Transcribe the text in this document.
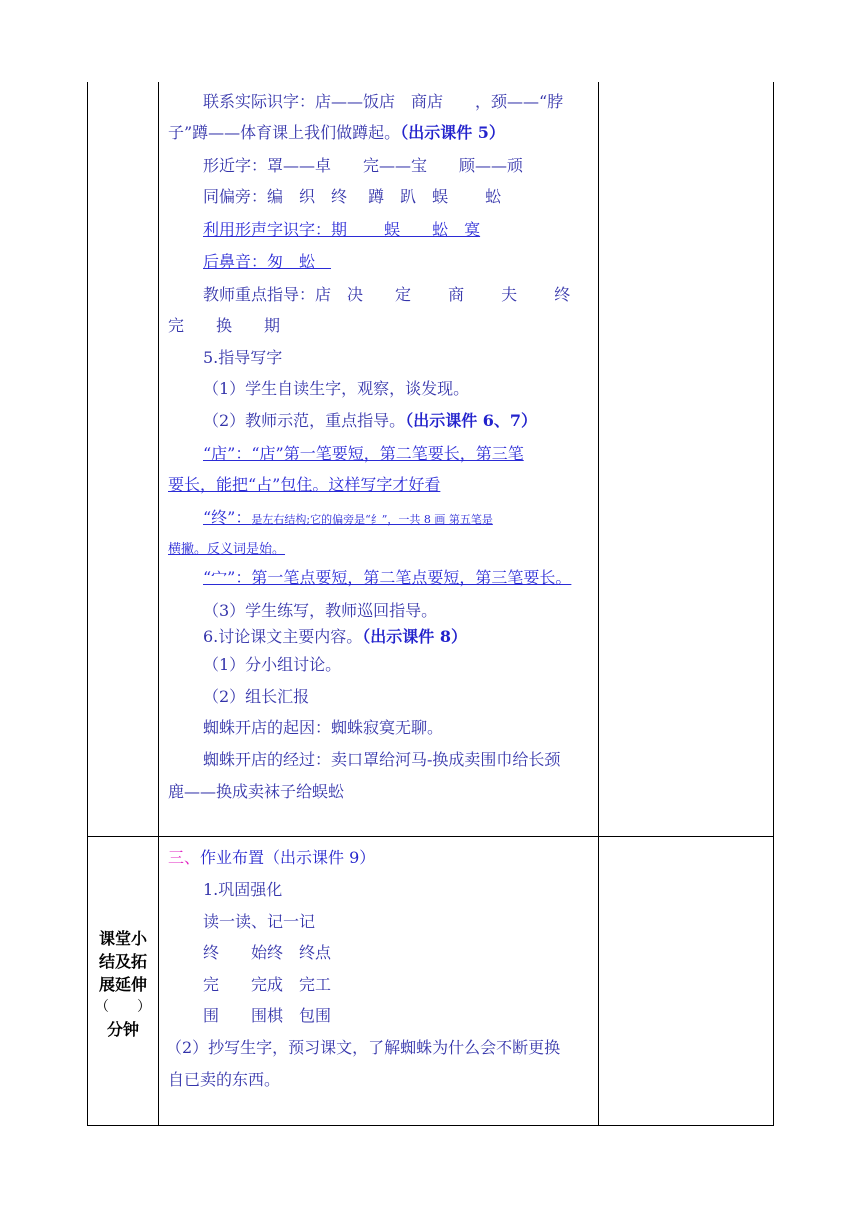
联系实际识字：店——饭店　商店　　，颈——“脖
子”蹲——体育课上我们做蹲起。（出示课件 5）
形近字：罩——卓　　完——宝　　顾——顽
同偏旁：编　织　终　 蹲　趴　蜈　　 蚣
利用形声字识字：期　　 蜈　　蚣　寞
后鼻音：匆　蚣　
教师重点指导：店　决　　定　　 商　　 夫　　 终
完　　换　　期
5.指导写字
（1）学生自读生字，观察，谈发现。
（2）教师示范，重点指导。（出示课件 6、7）
“店”：“店”第一笔要短，第二笔要长，第三笔
要长，能把“占”包住。这样写字才好看
“终”：是左右结构;它的偏旁是“纟”，一共 8 画 第五笔是
横撇。反义词是始。
“宀”：第一笔点要短，第二笔点要短，第三笔要长。
（3）学生练写，教师巡回指导。
6.讨论课文主要内容。（出示课件 8）
（1）分小组讨论。
（2）组长汇报
蜘蛛开店的起因：蜘蛛寂寞无聊。
蜘蛛开店的经过：卖口罩给河马-换成卖围巾给长颈
鹿——换成卖袜子给蜈蚣
三、作业布置（出示课件 9）
1.巩固强化
读一读、记一记
终　　始终　终点
完　　完成　完工
围　　围棋　包围
（2）抄写生字，预习课文，了解蜘蛛为什么会不断更换
自已卖的东西。
课堂小
结及拓
展延伸
（　　）
分钟
